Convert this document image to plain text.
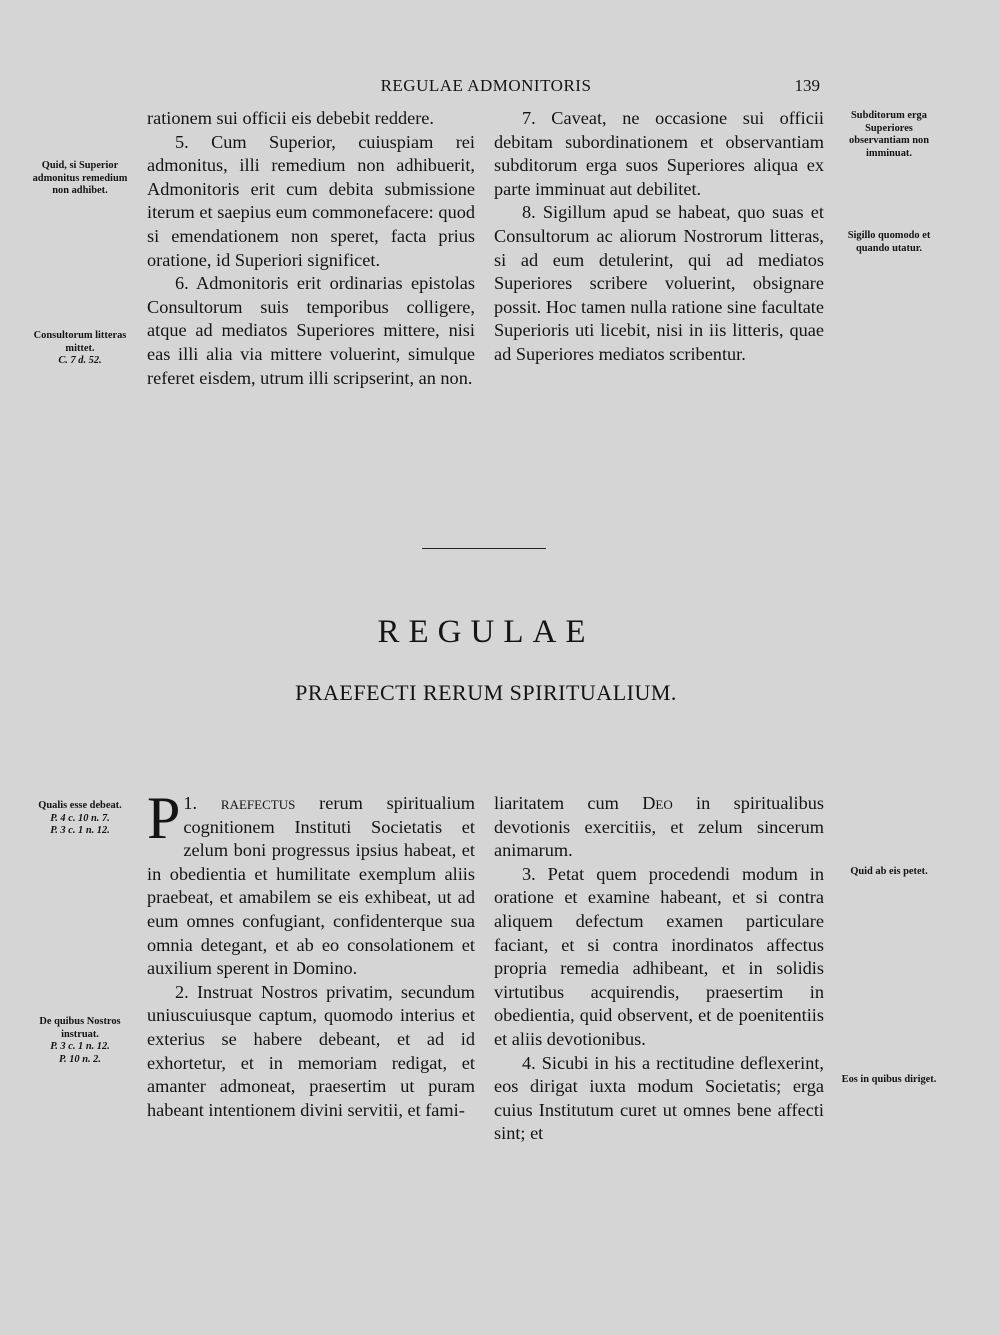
REGULAE ADMONITORIS	139

rationem sui officii eis debebit reddere.

5. Cum Superior, cuiuspiam rei admonitus, illi remedium non adhibuerit, Admonitoris erit cum debita submissione iterum et saepius eum commonefacere: quod si emendationem non speret, facta prius oratione, id Superiori significet.

6. Admonitoris erit ordinarias epistolas Consultorum suis temporibus colligere, atque ad mediatos Superiores mittere, nisi eas illi alia via mittere voluerint, simulque referet eisdem, utrum illi scripserint, an non.

7. Caveat, ne occasione sui officii debitam subordinationem et observantiam subditorum erga suos Superiores aliqua ex parte imminuat aut debilitet.

8. Sigillum apud se habeat, quo suas et Consultorum ac aliorum Nostrorum litteras, si ad eum detulerint, qui ad mediatos Superiores scribere voluerint, obsignare possit. Hoc tamen nulla ratione sine facultate Superioris uti licebit, nisi in iis litteris, quae ad Superiores mediatos scribentur.

REGULAE
PRAEFECTI RERUM SPIRITUALIUM.

1.
P raefectus rerum spiritualium cognitionem Instituti Societatis et zelum boni progressus ipsius habeat, et in obedientia et humilitate exemplum aliis praebeat, et amabilem se eis exhibeat, ut ad eum omnes confugiant, confidenterque sua omnia detegant, et ab eo consolationem et auxilium sperent in Domino.

2. Instruat Nostros privatim, secundum uniuscuiusque captum, quomodo interius et exterius se habere debeant, et ad id exhortetur, et in memoriam redigat, et amanter admoneat, praesertim ut puram habeant intentionem divini servitii, et fami-

liaritatem cum Deo in spiritualibus devotionis exercitiis, et zelum sincerum animarum.

3. Petat quem procedendi modum in oratione et examine habeant, et si contra aliquem defectum examen particulare faciant, et si contra inordinatos affectus propria remedia adhibeant, et in solidis virtutibus acquirendis, praesertim in obedientia, quid observent, et de poenitentiis et aliis devotionibus.

4. Sicubi in his a rectitudine deflexerint, eos dirigat iuxta modum Societatis; erga cuius Institutum curet ut omnes bene affecti sint; et

Quid, si Superior admonitus remedium non adhibet.
Consultorum litteras mittet.
C. 7 d. 52.
Qualis esse debeat.
P. 4 c. 10 n. 7.
P. 3 c. 1 n. 12.
De quibus Nostros instruat.
P. 3 c. 1 n. 12.
P. 10 n. 2.
Subditorum erga Superiores observantiam non imminuat.
Sigillo quomodo et quando utatur.
Quid ab eis petet.
Eos in quibus diriget.
